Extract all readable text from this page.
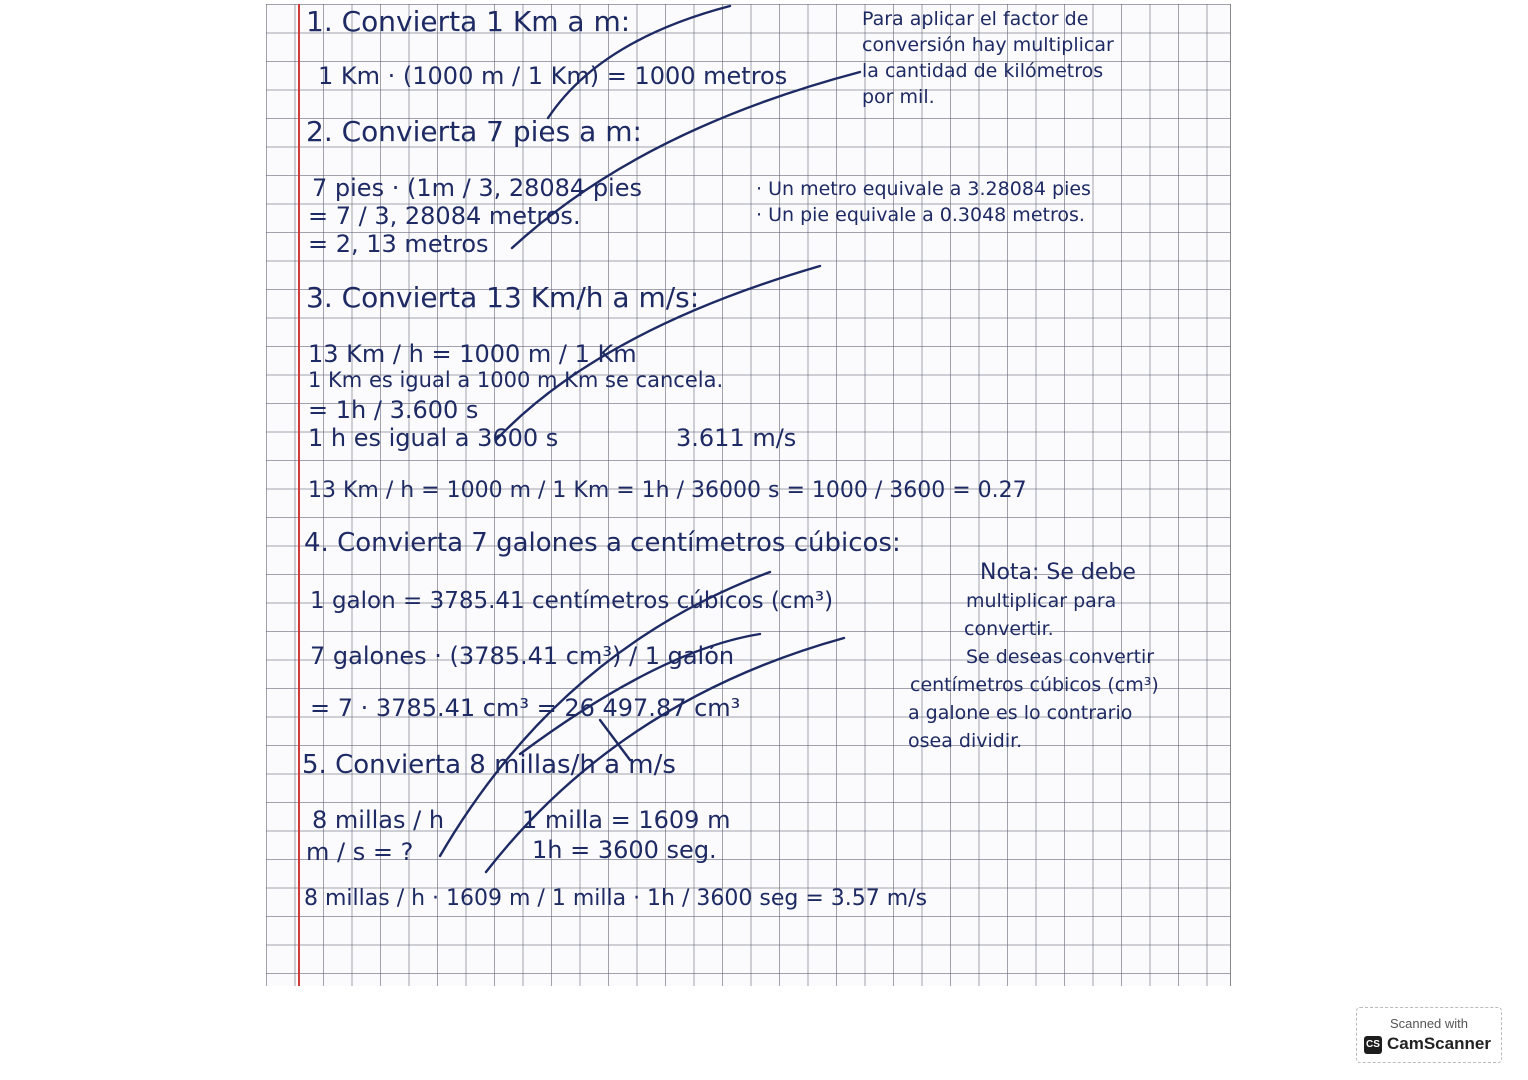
1. Convierta 1 Km a m:
1 Km · (1000 m / 1 Km) = 1000 metros
Para aplicar el factor de
conversión hay multiplicar
la cantidad de kilómetros
por mil.
2. Convierta 7 pies a m:
7 pies · (1m / 3, 28084 pies
= 7 / 3, 28084 metros.
= 2, 13 metros
· Un metro equivale a 3.28084 pies
· Un pie equivale a 0.3048 metros.
3. Convierta 13 Km/h a m/s:
13 Km / h = 1000 m / 1 Km
1 Km es igual a 1000 m Km se cancela.
= 1h / 3.600 s
1 h es igual a 3600 s	3.611 m/s
13 Km / h = 1000 m / 1 Km = 1h / 36000 s = 1000 / 3600 = 0.27
4. Convierta 7 galones a centímetros cúbicos:
1 galon = 3785.41 centímetros cúbicos (cm³)
7 galones · (3785.41 cm³) / 1 galón
= 7 · 3785.41 cm³ = 26 497.87 cm³
Nota: Se debe
multiplicar para
convertir.
Se deseas convertir
centímetros cúbicos (cm³)
a galone es lo contrario
osea dividir.
5. Convierta 8 millas/h a m/s
8 millas / h
m / s = ?
1 milla = 1609 m
1h = 3600 seg.
8 millas / h · 1609 m / 1 milla · 1h / 3600 seg = 3.57 m/s
Scanned with
CS CamScanner
